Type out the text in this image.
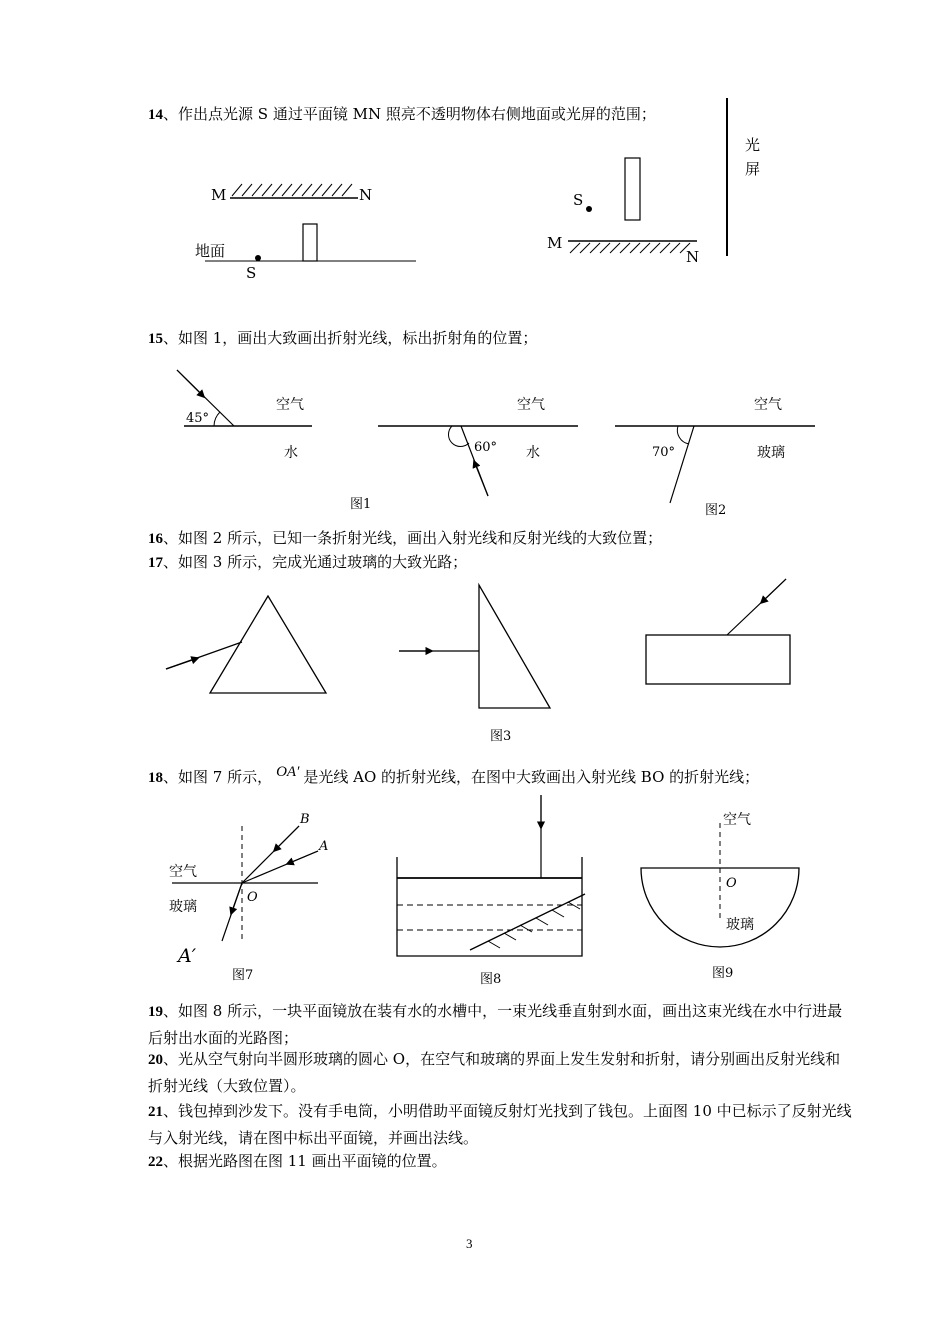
14、作出点光源 S 通过平面镜 MN 照亮不透明物体右侧地面或光屏的范围；
15、如图 1，画出大致画出折射光线，标出折射角的位置；
16、如图 2 所示，已知一条折射光线，画出入射光线和反射光线的大致位置；
17、如图 3 所示，完成光通过玻璃的大致光路；
18、如图 7 所示， OA′ 是光线 AO 的折射光线，在图中大致画出入射光线 BO 的折射光线；
19、如图 8 所示，一块平面镜放在装有水的水槽中，一束光线垂直射到水面，画出这束光线在水中行进最后射出水面的光路图；
20、光从空气射向半圆形玻璃的圆心 O，在空气和玻璃的界面上发生发射和折射，请分别画出反射光线和折射光线（大致位置）。
21、钱包掉到沙发下。没有手电筒，小明借助平面镜反射灯光找到了钱包。上面图 10 中已标示了反射光线与入射光线，请在图中标出平面镜，并画出法线。
22、根据光路图在图 11 画出平面镜的位置。
M	N
地面
S
光
屏
S
M
N
45°
空气
水
图1
60°
空气
水	70°
空气
玻璃
图2
图3
B
A
O
A′
空气
玻璃
图7	图8
空气
O
玻璃
图9
3
